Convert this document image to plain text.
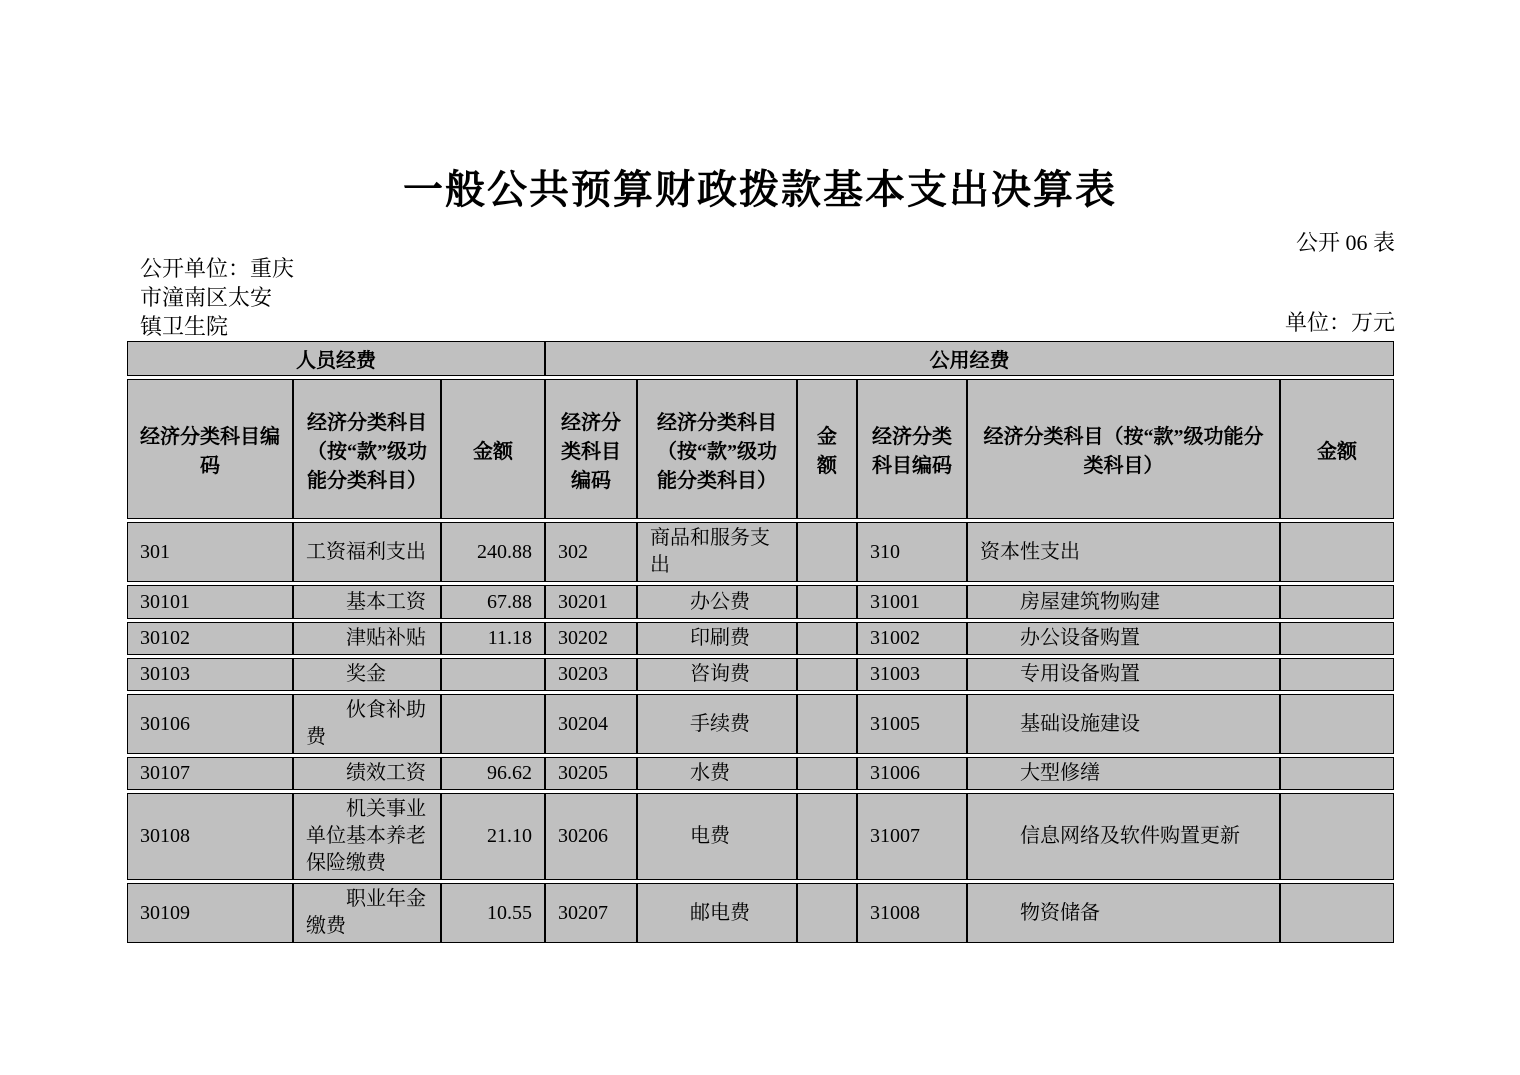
一般公共预算财政拨款基本支出决算表
公开 06 表
公开单位：重庆
市潼南区太安
镇卫生院	单位：万元
人员经费			公用经费					
经济分类科目编码	经济分类科目（按“款”级功能分类科目）	金额	经济分类科目编码	经济分类科目（按“款”级功能分类科目）	金额	经济分类科目编码	经济分类科目（按“款”级功能分类科目）	金额
301	工资福利支出	240.88	302	商品和服务支出		310	资本性支出	
30101	基本工资	67.88	30201	办公费		31001	房屋建筑物购建	
30102	津贴补贴	11.18	30202	印刷费		31002	办公设备购置	
30103	奖金		30203	咨询费		31003	专用设备购置	
30106	伙食补助费		30204	手续费		31005	基础设施建设	
30107	绩效工资	96.62	30205	水费		31006	大型修缮	
30108	机关事业单位基本养老保险缴费	21.10	30206	电费		31007	信息网络及软件购置更新	
30109	职业年金缴费	10.55	30207	邮电费		31008	物资储备	
